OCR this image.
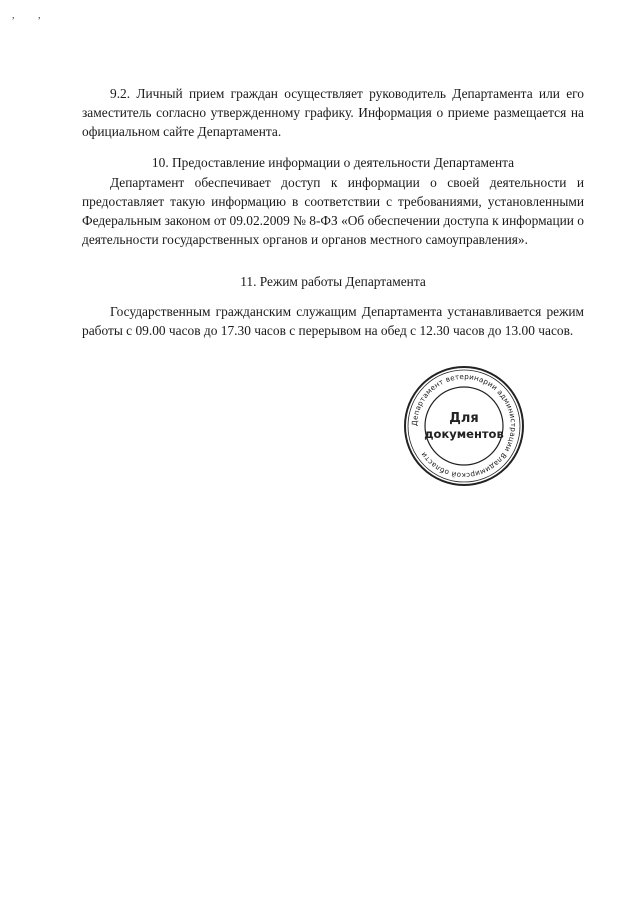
, ,
9.2. Личный прием граждан осуществляет руководитель Департамента или его заместитель согласно утвержденному графику. Информация о приеме размещается на официальном сайте Департамента.
10. Предоставление информации о деятельности Департамента
Департамент обеспечивает доступ к информации о своей деятельности и предоставляет такую информацию в соответствии с требованиями, установленными Федеральным законом от 09.02.2009 № 8-ФЗ «Об обеспечении доступа к информации о деятельности государственных органов и органов местного самоуправления».
11. Режим работы Департамента
Государственным гражданским служащим Департамента устанавливается режим работы с 09.00 часов до 17.30 часов с перерывом на обед с 12.30 часов до 13.00 часов.
Департамент ветеринарии администрации Владимирской области
Для
документов
